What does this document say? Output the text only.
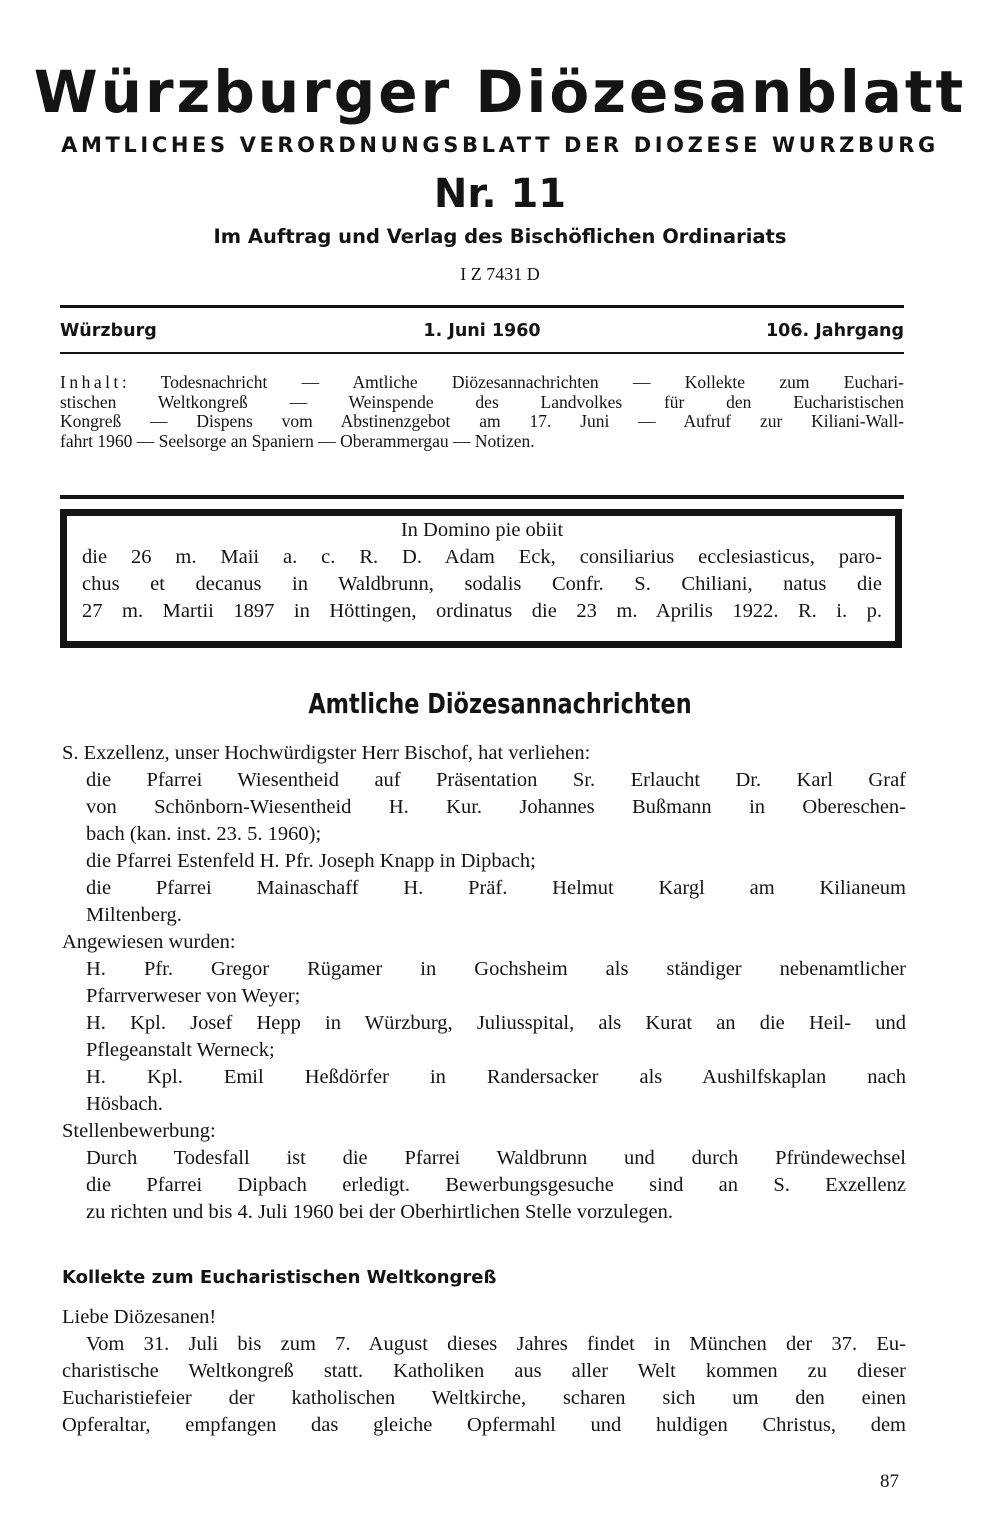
Würzburger Diözesanblatt
AMTLICHES VERORDNUNGSBLATT DER DIOZESE WURZBURG
Nr. 11
Im Auftrag und Verlag des Bischöflichen Ordinariats
I Z 7431 D
Würzburg	1. Juni 1960	106. Jahrgang
Inhalt: Todesnachricht — Amtliche Diözesannachrichten — Kollekte zum Euchari-
stischen Weltkongreß — Weinspende des Landvolkes für den Eucharistischen
Kongreß — Dispens vom Abstinenzgebot am 17. Juni — Aufruf zur Kiliani-Wall-
fahrt 1960 — Seelsorge an Spaniern — Oberammergau — Notizen.
In Domino pie obiit
die 26 m. Maii a. c. R. D. Adam Eck, consiliarius ecclesiasticus, paro-
chus et decanus in Waldbrunn, sodalis Confr. S. Chiliani, natus die
27 m. Martii 1897 in Höttingen, ordinatus die 23 m. Aprilis 1922. R. i. p.
Amtliche Diözesannachrichten
S. Exzellenz, unser Hochwürdigster Herr Bischof, hat verliehen:
die Pfarrei Wiesentheid auf Präsentation Sr. Erlaucht Dr. Karl Graf
von Schönborn-Wiesentheid H. Kur. Johannes Bußmann in Obereschen-
bach (kan. inst. 23. 5. 1960);
die Pfarrei Estenfeld H. Pfr. Joseph Knapp in Dipbach;
die Pfarrei Mainaschaff H. Präf. Helmut Kargl am Kilianeum
Miltenberg.
Angewiesen wurden:
H. Pfr. Gregor Rügamer in Gochsheim als ständiger nebenamtlicher
Pfarrverweser von Weyer;
H. Kpl. Josef Hepp in Würzburg, Juliusspital, als Kurat an die Heil- und
Pflegeanstalt Werneck;
H. Kpl. Emil Heßdörfer in Randersacker als Aushilfskaplan nach
Hösbach.
Stellenbewerbung:
Durch Todesfall ist die Pfarrei Waldbrunn und durch Pfründewechsel
die Pfarrei Dipbach erledigt. Bewerbungsgesuche sind an S. Exzellenz
zu richten und bis 4. Juli 1960 bei der Oberhirtlichen Stelle vorzulegen.
Kollekte zum Eucharistischen Weltkongreß
Liebe Diözesanen!
Vom 31. Juli bis zum 7. August dieses Jahres findet in München der 37. Eu-
charistische Weltkongreß statt. Katholiken aus aller Welt kommen zu dieser
Eucharistiefeier der katholischen Weltkirche, scharen sich um den einen
Opferaltar, empfangen das gleiche Opfermahl und huldigen Christus, dem
87
